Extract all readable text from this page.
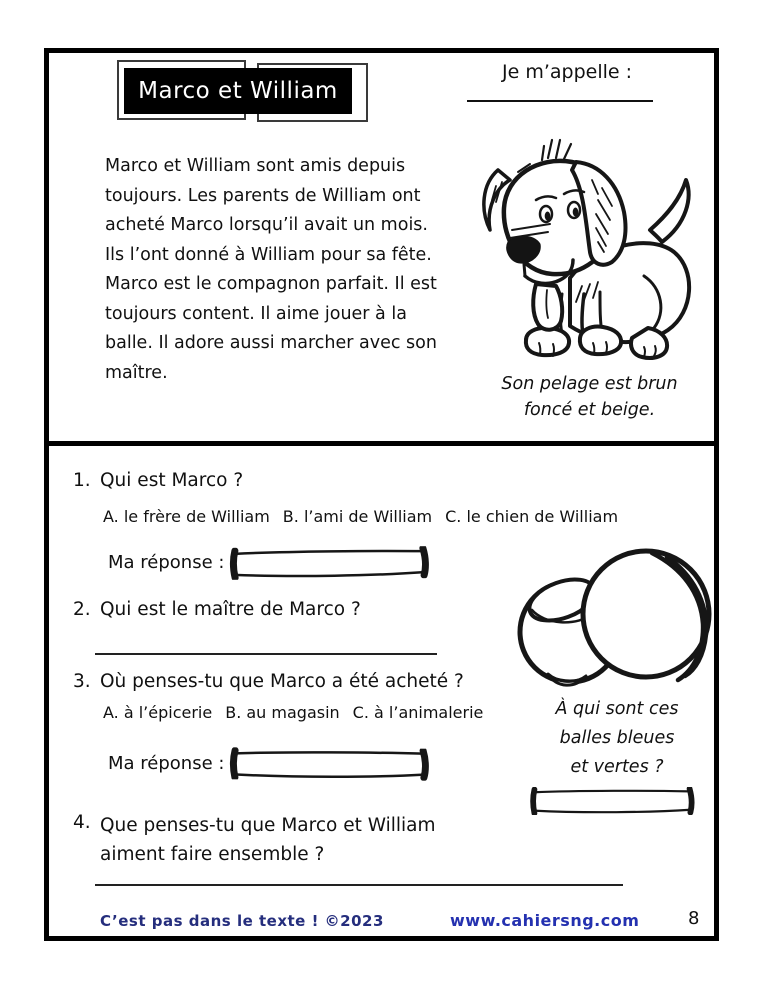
Marco et William
Je m’appelle :
Marco et William sont amis depuis toujours. Les parents de William ont acheté Marco lorsqu’il avait un mois. Ils l’ont donné à William pour sa fête. Marco est le compagnon parfait. Il est toujours content. Il aime jouer à la balle. Il adore aussi marcher avec son maître.
Son pelage est brun
foncé et beige.
1. Qui est Marco ?
A. le frère de William B. l’ami de William C. le chien de William
Ma réponse :
2. Qui est le maître de Marco ?
3. Où penses-tu que Marco a été acheté ?
A. à l’épicerie B. au magasin C. à l’animalerie
Ma réponse :
À qui sont ces
balles bleues
et vertes ?
4. Que penses-tu que Marco et William
aiment faire ensemble ?
C’est pas dans le texte ! ©2023	www.cahiersng.com	8
